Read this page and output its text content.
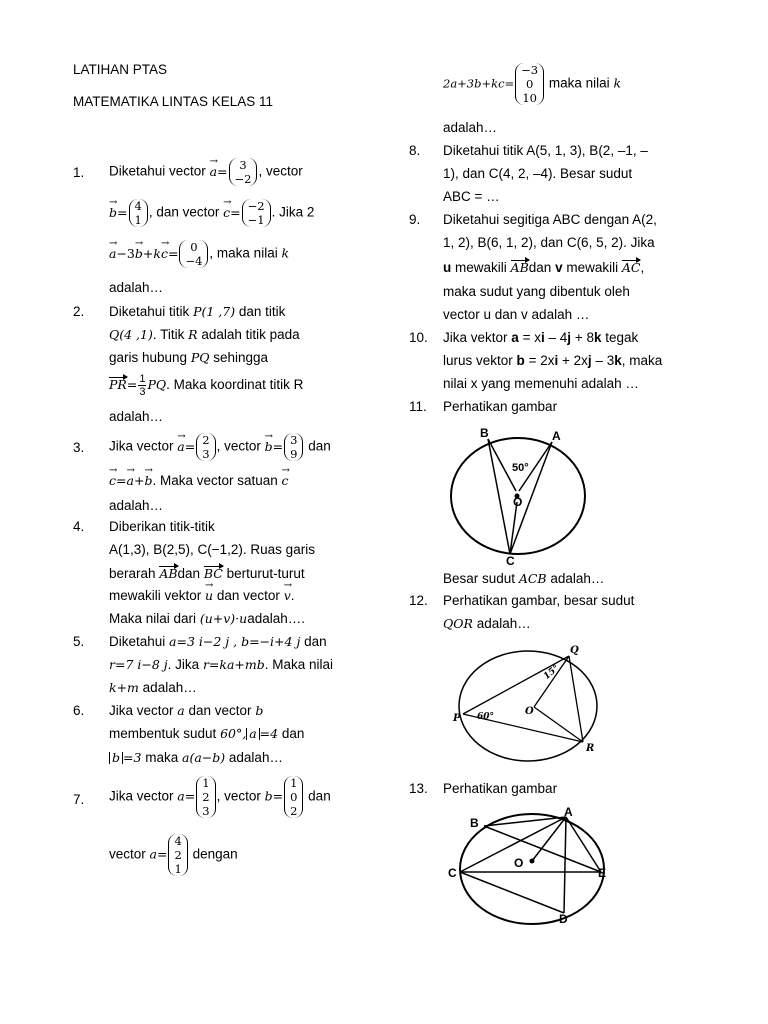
LATIHAN PTAS
MATEMATIKA LINTAS KELAS 11
1. Diketahui vector → a=	3
−2
, vector
→ b= 4
1
, dan vector → c= −2
−1
. Jika 2
→ a−3→ b+k→ c=	0
−4
, maka nilai k
adalah…
2. Diketahui titik P(1 ,7) dan titik
Q(4 ,1). Titik R adalah titik pada
garis hubung PQ sehingga
$PR= \frac{1}{3}$ PQ. Maka koordinat titik R
adalah…
3. Jika vector → a= 2
3
, vector → b= 3
9
dan
→ c=→ a+→ b. Maka vector satuan → c
adalah…
4. Diberikan titik-titik
A(1,3), B(2,5), C(−1,2). Ruas garis
berarah ABdan BC berturut-turut
mewakili vektor → u dan vector → v.
Maka nilai dari (u+v)·uadalah….
5. Diketahui a=3 i−2 j , b=−i+4 j dan
r=7 i−8 j. Jika r=ka+mb. Maka nilai
k+m adalah…
6. Jika vector a dan vector b
membentuk sudut 60°, a =4 dan
b =3 maka a(a−b) adalah…
7. Jika vector a=
1
2
3
, vector b=
1
0
2
dan
vector a=
4
2
1
dengan
2a+3b+kc=
−3
0
10
maka nilai k
adalah…
8. Diketahui titik A(5, 1, 3), B(2, –1, –
1), dan C(4, 2, –4). Besar sudut
ABC = …
9. Diketahui segitiga ABC dengan A(2,
1, 2), B(6, 1, 2), dan C(6, 5, 2). Jika
u mewakili ABdan v mewakili AC,
maka sudut yang dibentuk oleh
vector u dan v adalah …
10. Jika vektor a = xi – 4j + 8k tegak
lurus vektor b = 2xi + 2xj – 3k, maka
nilai x yang memenuhi adalah …
11. Perhatikan gambar
B	A
50°
O
C
Besar sudut ACB adalah…
12. Perhatikan gambar, besar sudut
QOR adalah…
P
Q
R
O
60°
15°
13. Perhatikan gambar
A
B
C
O
E
D
